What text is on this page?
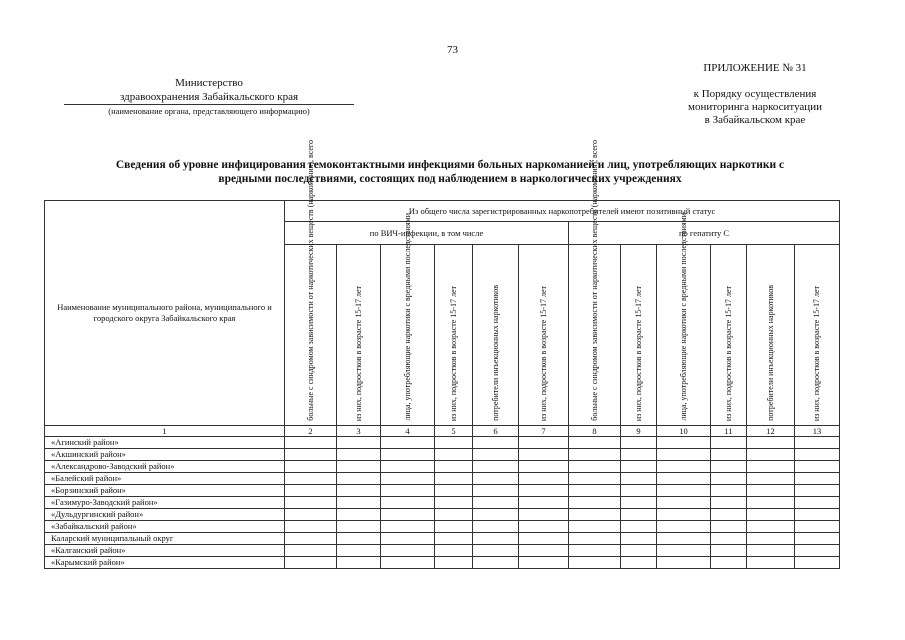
73
Министерство
здравоохранения Забайкальского края
(наименование органа, представляющего информацию)
ПРИЛОЖЕНИЕ № 31
к Порядку осуществления
мониторинга наркоситуации
в Забайкальском крае
Сведения об уровне инфицирования гемоконтактными инфекциями больных наркоманией и лиц, употребляющих наркотики с
вредными последствиями, состоящих под наблюдением в наркологических учреждениях
Наименование муниципального района, муниципального и городского округа Забайкальского края	Из общего числа зарегистрированных наркопотребителей имеют позитивный статус											
	по ВИЧ-инфекции, в том числе						по гепатиту С					

	больные с синдромом зависимости от наркотических веществ (наркомания), всего	из них, подростков в возрасте 15-17 лет	лица, употребляющие наркотики с вредными последствиями	из них, подростков в возрасте 15-17 лет	потребители инъекционных наркотиков	из них, подростков в возрасте 15-17 лет	больные с синдромом зависимости от наркотических веществ (наркомания), всего	из них, подростков в возрасте 15-17 лет	лица, употребляющие наркотики с вредными последствиями	из них, подростков в возрасте 15-17 лет	потребители инъекционных наркотиков	из них, подростков в возрасте 15-17 лет

1	2	3	4	5	6	7	8	9	10	11	12	13
«Агинский район»												
«Акшинский район»												
«Александрово-Заводский район»												
«Балейский район»												
«Борзинский район»												
«Газимуро-Заводский район»												
«Дульдургинский район»												
«Забайкальский район»												
Каларский муниципальный округ												
«Калганский район»												
«Карымский район»												
